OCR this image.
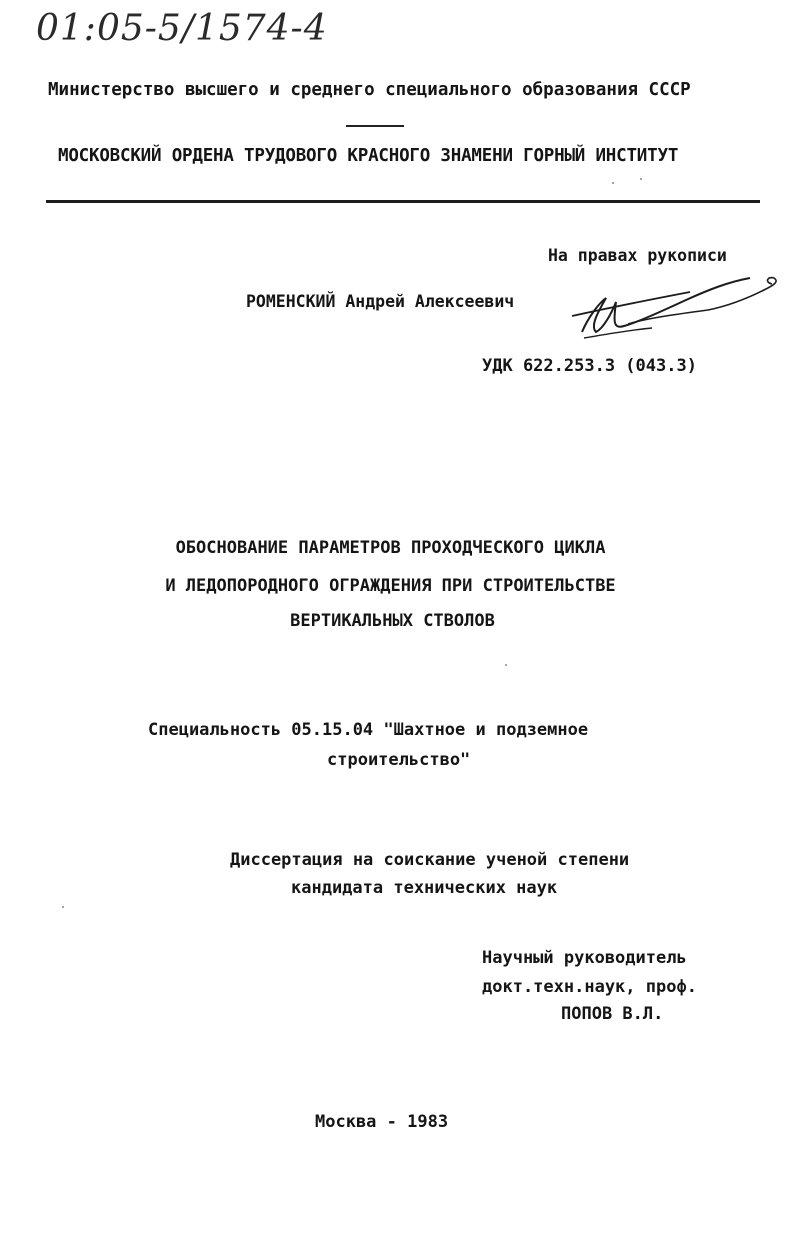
01:05-5/1574-4
Министерство высшего и среднего специального образования СССР
МОСКОВСКИЙ ОРДЕНА ТРУДОВОГО КРАСНОГО ЗНАМЕНИ ГОРНЫЙ ИНСТИТУТ
На правах рукописи
РОМЕНСКИЙ Андрей Алексеевич
УДК 622.253.3 (043.3)
ОБОСНОВАНИЕ ПАРАМЕТРОВ ПРОХОДЧЕСКОГО ЦИКЛА
И ЛЕДОПОРОДНОГО ОГРАЖДЕНИЯ ПРИ СТРОИТЕЛЬСТВЕ
ВЕРТИКАЛЬНЫХ СТВОЛОВ
Специальность 05.15.04 "Шахтное и подземное
строительство"
Диссертация на соискание ученой степени
кандидата технических наук
Научный руководитель
докт.техн.наук, проф.
ПОПОВ В.Л.
Москва - 1983
